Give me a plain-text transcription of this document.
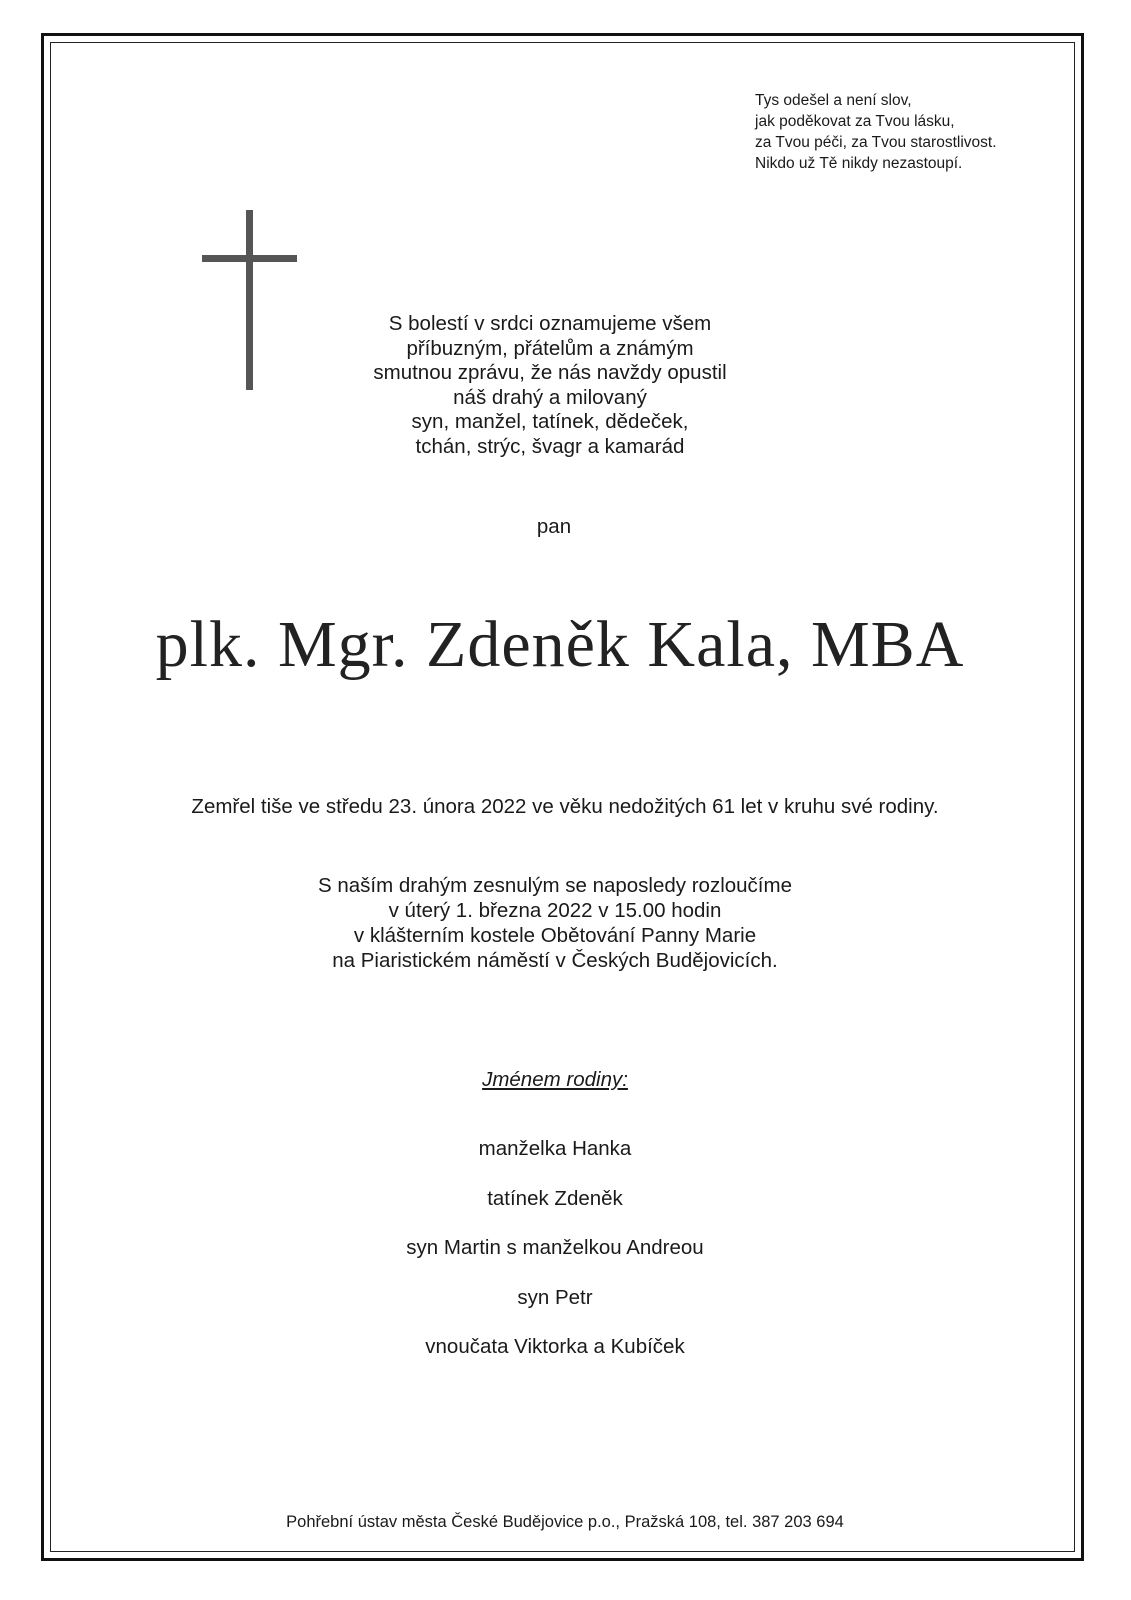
Tys odešel a není slov,
jak poděkovat za Tvou lásku,
za Tvou péči, za Tvou starostlivost.
Nikdo už Tě nikdy nezastoupí.
S bolestí v srdci oznamujeme všem
příbuzným, přátelům a známým
smutnou zprávu, že nás navždy opustil
náš drahý a milovaný
syn, manžel, tatínek, dědeček,
tchán, strýc, švagr a kamarád
pan
plk. Mgr. Zdeněk Kala, MBA
Zemřel tiše ve středu 23. února 2022 ve věku nedožitých 61 let v kruhu své rodiny.
S naším drahým zesnulým se naposledy rozloučíme
v úterý 1. března 2022 v 15.00 hodin
v klášterním kostele Obětování Panny Marie
na Piaristickém náměstí v Českých Budějovicích.
Jménem rodiny:
manželka Hanka
tatínek Zdeněk
syn Martin s manželkou Andreou
syn Petr
vnoučata Viktorka a Kubíček
Pohřební ústav města České Budějovice p.o., Pražská 108, tel. 387 203 694
